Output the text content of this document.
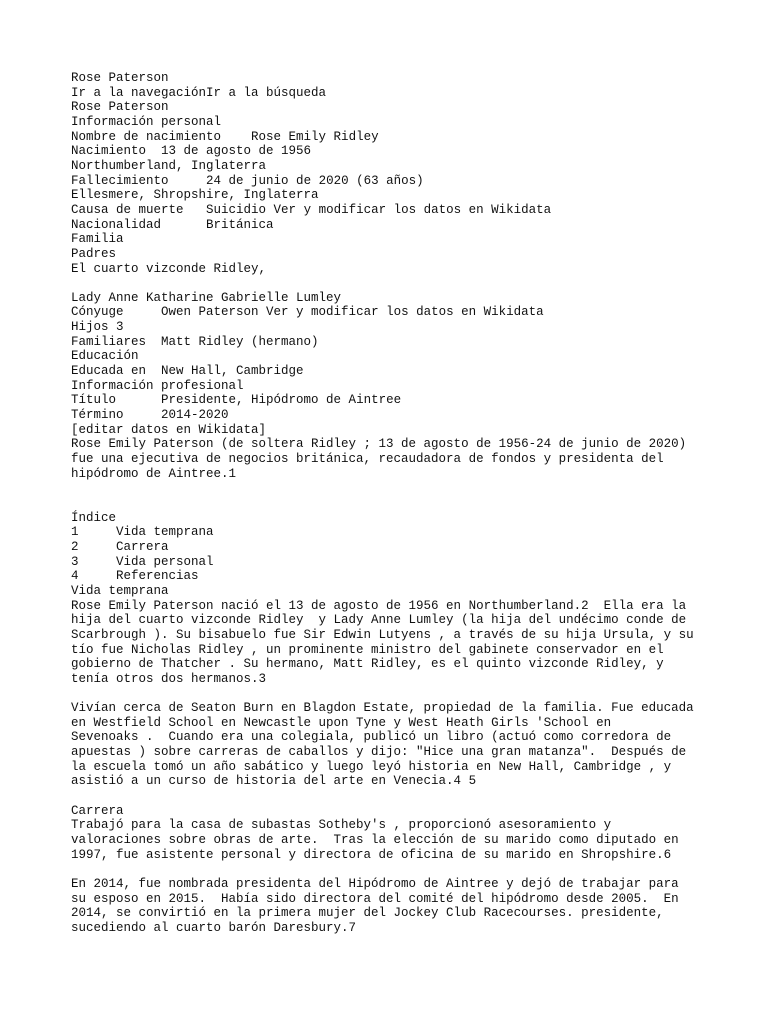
Rose Paterson
Ir a la navegaciónIr a la búsqueda
Rose Paterson
Información personal
Nombre de nacimiento Rose Emily Ridley
Nacimiento 13 de agosto de 1956
Northumberland, Inglaterra
Fallecimiento	24 de junio de 2020 (63 años)
Ellesmere, Shropshire, Inglaterra
Causa de muerte Suicidio Ver y modificar los datos en Wikidata
Nacionalidad	Británica
Familia
Padres
El cuarto vizconde Ridley,
Lady Anne Katharine Gabrielle Lumley
Cónyuge	Owen Paterson Ver y modificar los datos en Wikidata
Hijos 3
Familiares Matt Ridley (hermano)
Educación
Educada en New Hall, Cambridge
Información profesional
Título	Presidente, Hipódromo de Aintree
Término	2014-2020
[editar datos en Wikidata]
Rose Emily Paterson (de soltera Ridley ; 13 de agosto de 1956-24 de junio de 2020)
fue una ejecutiva de negocios británica, recaudadora de fondos y presidenta del
hipódromo de Aintree.1
Índice
1	Vida temprana
2	Carrera
3	Vida personal
4	Referencias
Vida temprana
Rose Emily Paterson nació el 13 de agosto de 1956 en Northumberland.2  Ella era la
hija del cuarto vizconde Ridley  y Lady Anne Lumley (la hija del undécimo conde de
Scarbrough ). Su bisabuelo fue Sir Edwin Lutyens , a través de su hija Ursula, y su
tío fue Nicholas Ridley , un prominente ministro del gabinete conservador en el
gobierno de Thatcher . Su hermano, Matt Ridley, es el quinto vizconde Ridley, y
tenía otros dos hermanos.3
Vivían cerca de Seaton Burn en Blagdon Estate, propiedad de la familia. Fue educada
en Westfield School en Newcastle upon Tyne y West Heath Girls 'School en
Sevenoaks .  Cuando era una colegiala, publicó un libro (actuó como corredora de
apuestas ) sobre carreras de caballos y dijo: "Hice una gran matanza".  Después de
la escuela tomó un año sabático y luego leyó historia en New Hall, Cambridge , y
asistió a un curso de historia del arte en Venecia.4 5
Carrera
Trabajó para la casa de subastas Sotheby's , proporcionó asesoramiento y
valoraciones sobre obras de arte.  Tras la elección de su marido como diputado en
1997, fue asistente personal y directora de oficina de su marido en Shropshire.6
En 2014, fue nombrada presidenta del Hipódromo de Aintree y dejó de trabajar para
su esposo en 2015.  Había sido directora del comité del hipódromo desde 2005.  En
2014, se convirtió en la primera mujer del Jockey Club Racecourses. presidente,
sucediendo al cuarto barón Daresbury.7
